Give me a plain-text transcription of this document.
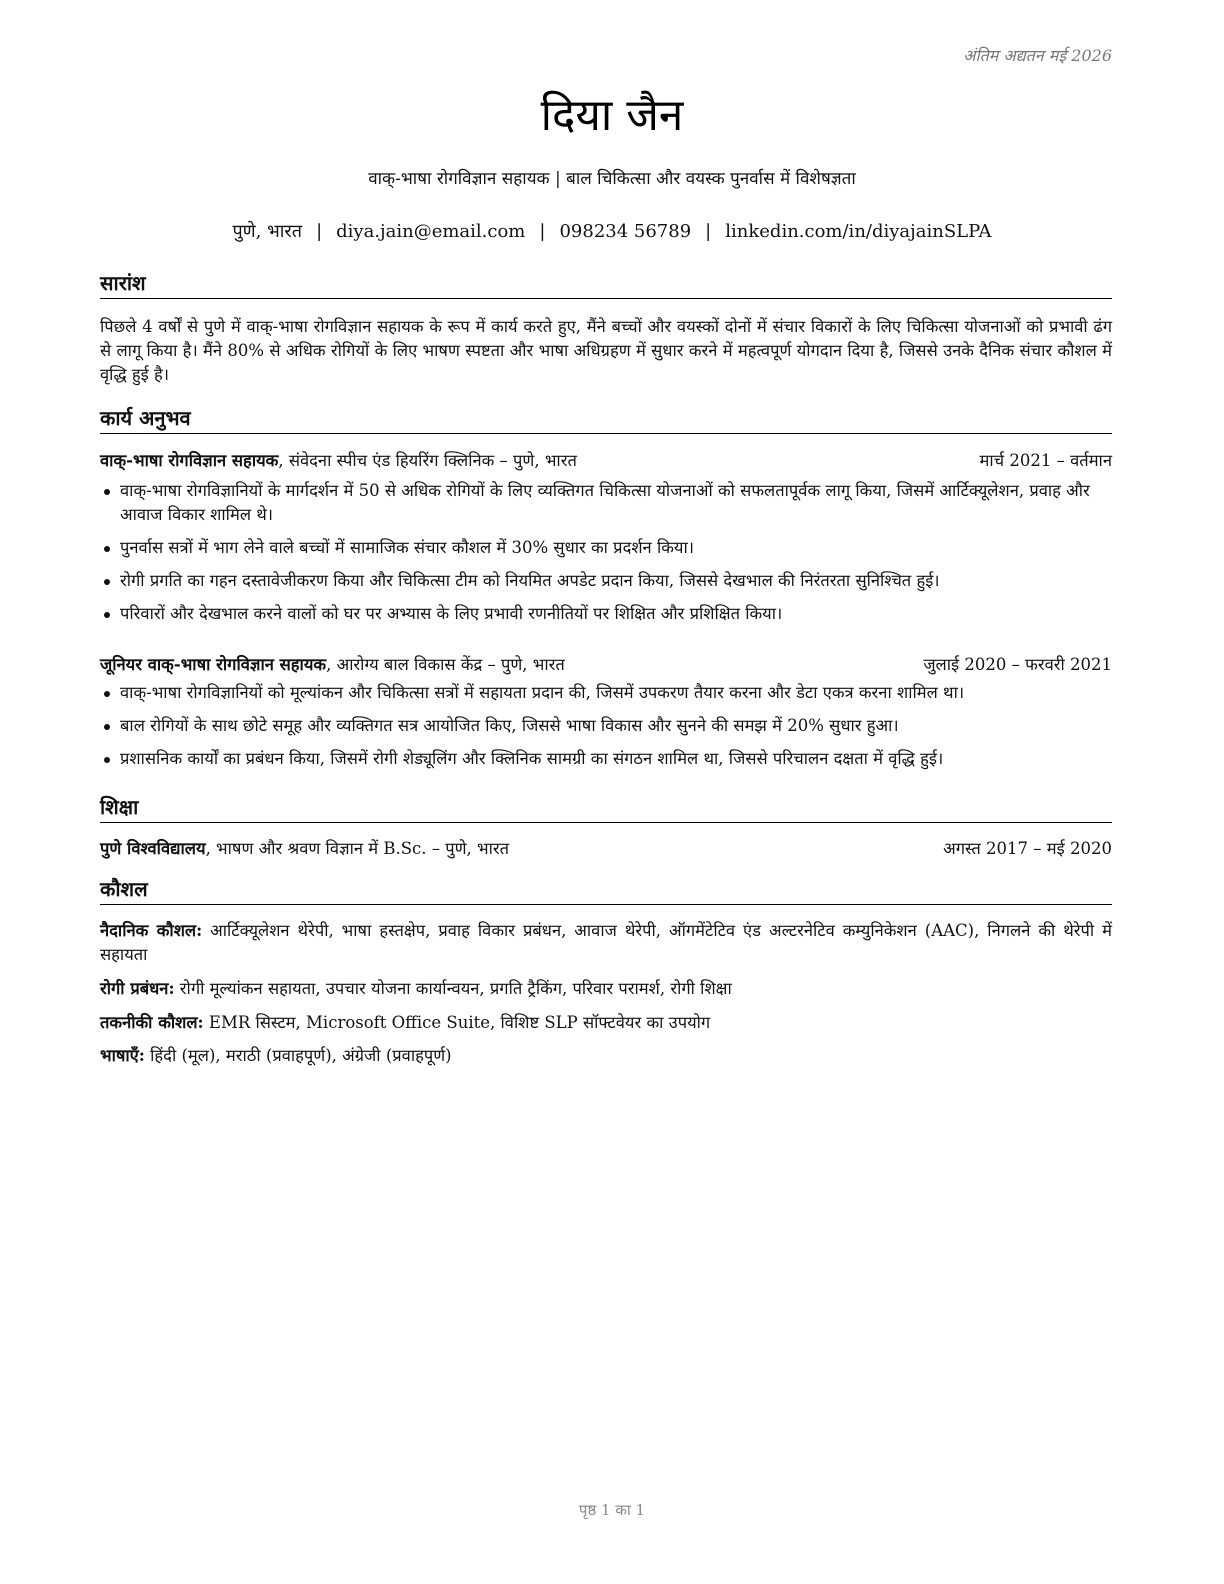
अंतिम अद्यतन मई 2026
दिया जैन
वाक्-भाषा रोगविज्ञान सहायक | बाल चिकित्सा और वयस्क पुनर्वास में विशेषज्ञता
पुणे, भारत | diya.jain@email.com | 098234 56789 | linkedin.com/in/diyajainSLPA
सारांश
पिछले 4 वर्षों से पुणे में वाक्-भाषा रोगविज्ञान सहायक के रूप में कार्य करते हुए, मैंने बच्चों और वयस्कों दोनों में संचार विकारों के लिए चिकित्सा योजनाओं को प्रभावी ढंग से लागू किया है। मैंने 80% से अधिक रोगियों के लिए भाषण स्पष्टता और भाषा अधिग्रहण में सुधार करने में महत्वपूर्ण योगदान दिया है, जिससे उनके दैनिक संचार कौशल में वृद्धि हुई है।
कार्य अनुभव
वाक्-भाषा रोगविज्ञान सहायक, संवेदना स्पीच एंड हियरिंग क्लिनिक – पुणे, भारत	मार्च 2021 – वर्तमान
वाक्-भाषा रोगविज्ञानियों के मार्गदर्शन में 50 से अधिक रोगियों के लिए व्यक्तिगत चिकित्सा योजनाओं को सफलतापूर्वक लागू किया, जिसमें आर्टिक्यूलेशन, प्रवाह और आवाज विकार शामिल थे।
पुनर्वास सत्रों में भाग लेने वाले बच्चों में सामाजिक संचार कौशल में 30% सुधार का प्रदर्शन किया।
रोगी प्रगति का गहन दस्तावेजीकरण किया और चिकित्सा टीम को नियमित अपडेट प्रदान किया, जिससे देखभाल की निरंतरता सुनिश्चित हुई।
परिवारों और देखभाल करने वालों को घर पर अभ्यास के लिए प्रभावी रणनीतियों पर शिक्षित और प्रशिक्षित किया।
जूनियर वाक्-भाषा रोगविज्ञान सहायक, आरोग्य बाल विकास केंद्र – पुणे, भारत	जुलाई 2020 – फरवरी 2021
वाक्-भाषा रोगविज्ञानियों को मूल्यांकन और चिकित्सा सत्रों में सहायता प्रदान की, जिसमें उपकरण तैयार करना और डेटा एकत्र करना शामिल था।
बाल रोगियों के साथ छोटे समूह और व्यक्तिगत सत्र आयोजित किए, जिससे भाषा विकास और सुनने की समझ में 20% सुधार हुआ।
प्रशासनिक कार्यों का प्रबंधन किया, जिसमें रोगी शेड्यूलिंग और क्लिनिक सामग्री का संगठन शामिल था, जिससे परिचालन दक्षता में वृद्धि हुई।
शिक्षा
पुणे विश्वविद्यालय, भाषण और श्रवण विज्ञान में B.Sc. – पुणे, भारत	अगस्त 2017 – मई 2020
कौशल
नैदानिक कौशल: आर्टिक्यूलेशन थेरेपी, भाषा हस्तक्षेप, प्रवाह विकार प्रबंधन, आवाज थेरेपी, ऑगमेंटेटिव एंड अल्टरनेटिव कम्युनिकेशन (AAC), निगलने की थेरेपी में सहायता
रोगी प्रबंधन: रोगी मूल्यांकन सहायता, उपचार योजना कार्यान्वयन, प्रगति ट्रैकिंग, परिवार परामर्श, रोगी शिक्षा
तकनीकी कौशल: EMR सिस्टम, Microsoft Office Suite, विशिष्ट SLP सॉफ्टवेयर का उपयोग
भाषाएँ: हिंदी (मूल), मराठी (प्रवाहपूर्ण), अंग्रेजी (प्रवाहपूर्ण)
पृष्ठ 1 का 1
